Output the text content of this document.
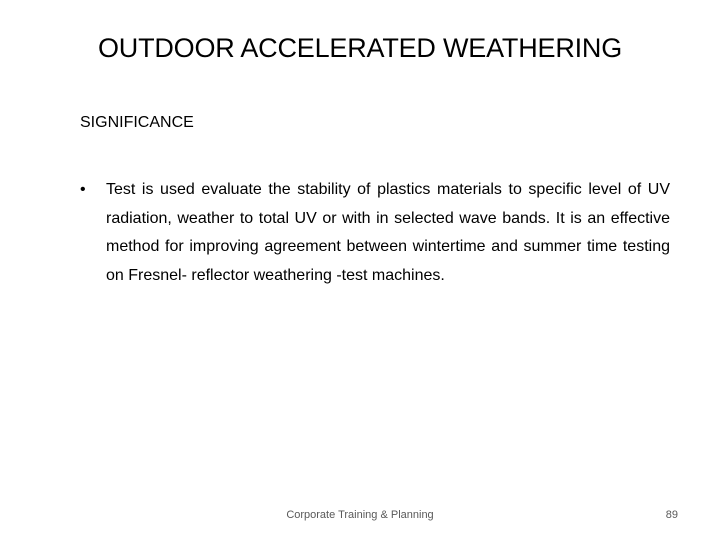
OUTDOOR ACCELERATED WEATHERING
SIGNIFICANCE
•	Test is used evaluate the stability of plastics materials to specific level of UV radiation, weather to total UV or with in selected wave bands. It is an effective method for improving agreement between wintertime and summer time testing on Fresnel- reflector weathering -test machines.
Corporate Training & Planning	89
